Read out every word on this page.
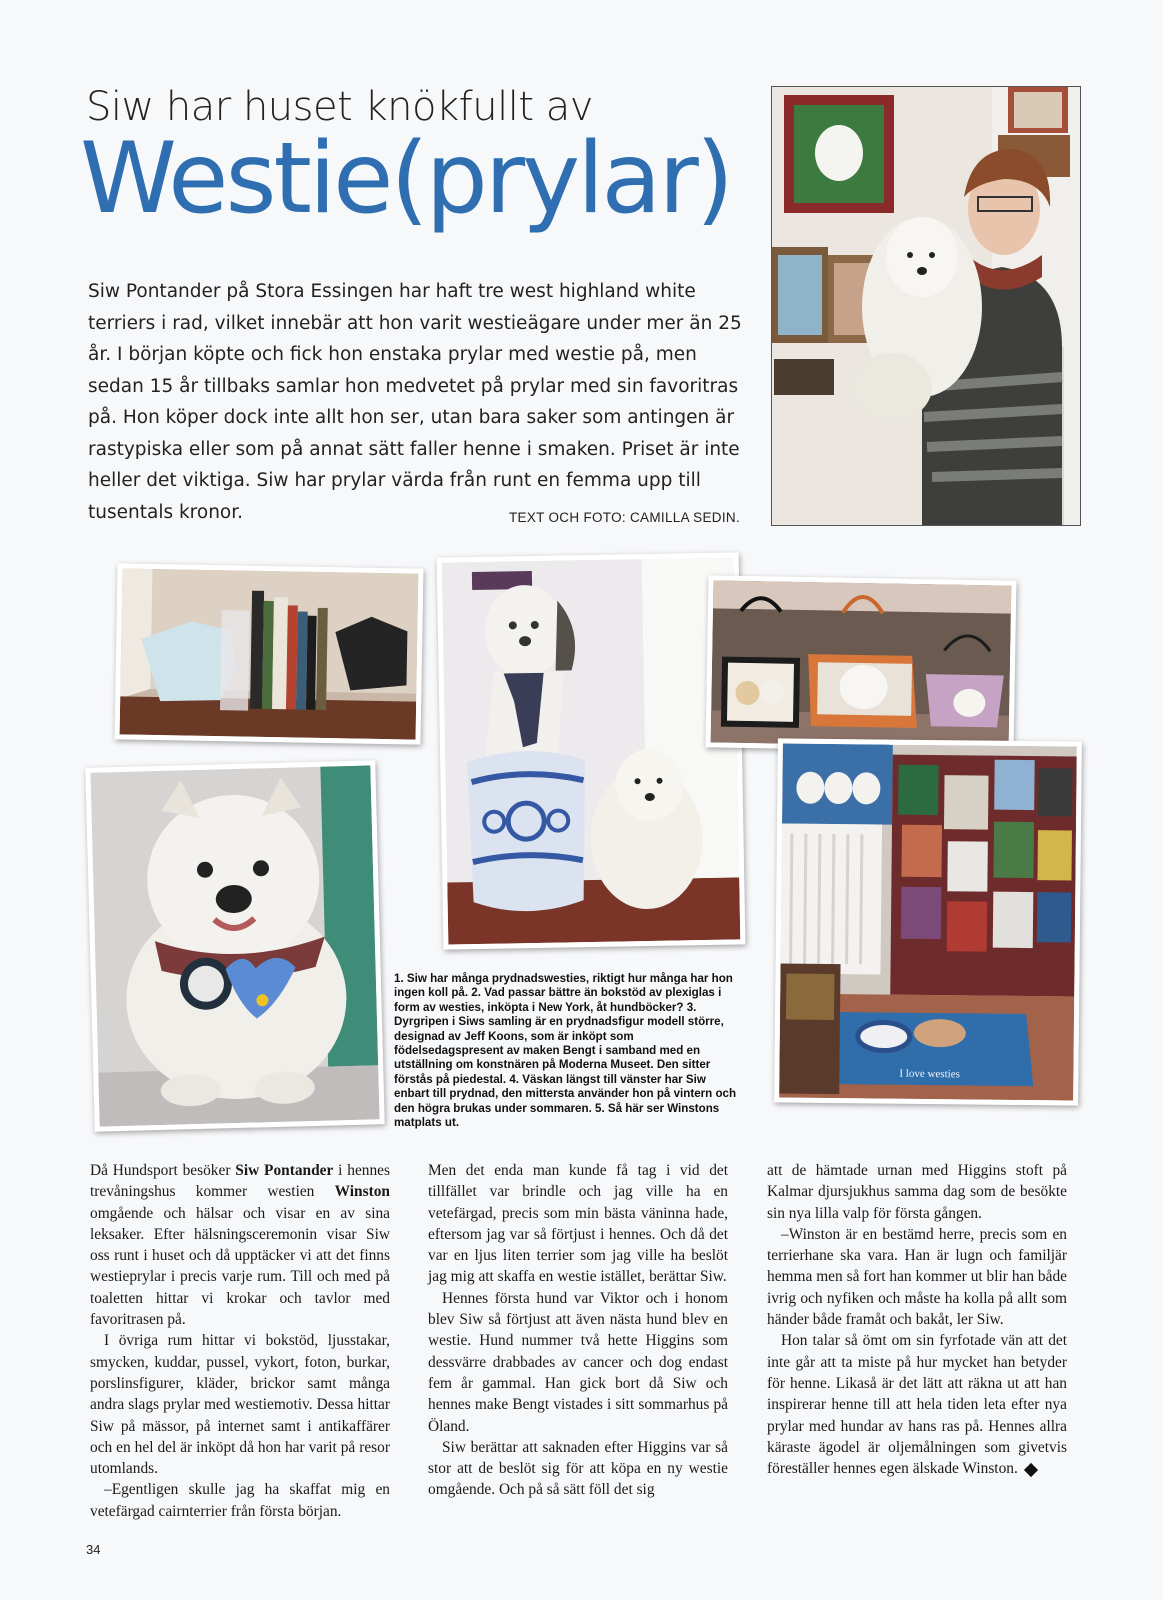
Siw har huset knökfullt av
Westie(prylar)
Siw Pontander på Stora Essingen har haft tre west highland white terriers i rad, vilket innebär att hon varit westieägare under mer än 25 år. I början köpte och fick hon enstaka prylar med westie på, men sedan 15 år tillbaks samlar hon medvetet på prylar med sin favoritras på. Hon köper dock inte allt hon ser, utan bara saker som antingen är rastypiska eller som på annat sätt faller henne i smaken. Priset är inte heller det viktiga. Siw har prylar värda från runt en femma upp till tusentals kronor.	TEXT OCH FOTO: CAMILLA SEDIN.
I love westies
1. Siw har många prydnadswesties, riktigt hur många har hon ingen koll på. 2. Vad passar bättre än bokstöd av plexiglas i form av westies, inköpta i New York, åt hundböcker? 3. Dyrgripen i Siws samling är en prydnadsfigur modell större, designad av Jeff Koons, som är inköpt som födelsedagspresent av maken Bengt i samband med en utställning om konstnären på Moderna Museet. Den sitter förstås på piedestal. 4. Väskan längst till vänster har Siw enbart till prydnad, den mittersta använder hon på vintern och den högra brukas under sommaren. 5. Så här ser Winstons matplats ut.

Då Hundsport besöker Siw Pontander i hennes trevåningshus kommer westien Winston omgående och hälsar och visar en av sina leksaker. Efter hälsningsceremonin visar Siw oss runt i huset och då upptäcker vi att det finns westieprylar i precis varje rum. Till och med på toaletten hittar vi krokar och tavlor med favoritrasen på.

I övriga rum hittar vi bokstöd, ljusstakar, smycken, kuddar, pussel, vykort, foton, burkar, porslinsfigurer, kläder, brickor samt många andra slags prylar med westiemotiv. Dessa hittar Siw på mässor, på internet samt i antikaffärer och en hel del är inköpt då hon har varit på resor utomlands.

–Egentligen skulle jag ha skaffat mig en vetefärgad cairnterrier från första början.

Men det enda man kunde få tag i vid det tillfället var brindle och jag ville ha en vetefärgad, precis som min bästa väninna hade, eftersom jag var så förtjust i hennes. Och då det var en ljus liten terrier som jag ville ha beslöt jag mig att skaffa en westie istället, berättar Siw.

Hennes första hund var Viktor och i honom blev Siw så förtjust att även nästa hund blev en westie. Hund nummer två hette Higgins som dessvärre drabbades av cancer och dog endast fem år gammal. Han gick bort då Siw och hennes make Bengt vistades i sitt sommarhus på Öland.

Siw berättar att saknaden efter Higgins var så stor att de beslöt sig för att köpa en ny westie omgående. Och på så sätt föll det sig

att de hämtade urnan med Higgins stoft på Kalmar djursjukhus samma dag som de besökte sin nya lilla valp för första gången.

–Winston är en bestämd herre, precis som en terrierhane ska vara. Han är lugn och familjär hemma men så fort han kommer ut blir han både ivrig och nyfiken och måste ha kolla på allt som händer både framåt och bakåt, ler Siw.

Hon talar så ömt om sin fyrfotade vän att det inte går att ta miste på hur mycket han betyder för henne. Likaså är det lätt att räkna ut att han inspirerar henne till att hela tiden leta efter nya prylar med hundar av hans ras på. Hennes allra käraste ägodel är oljemålningen som givetvis föreställer hennes egen älskade Winston.

34
